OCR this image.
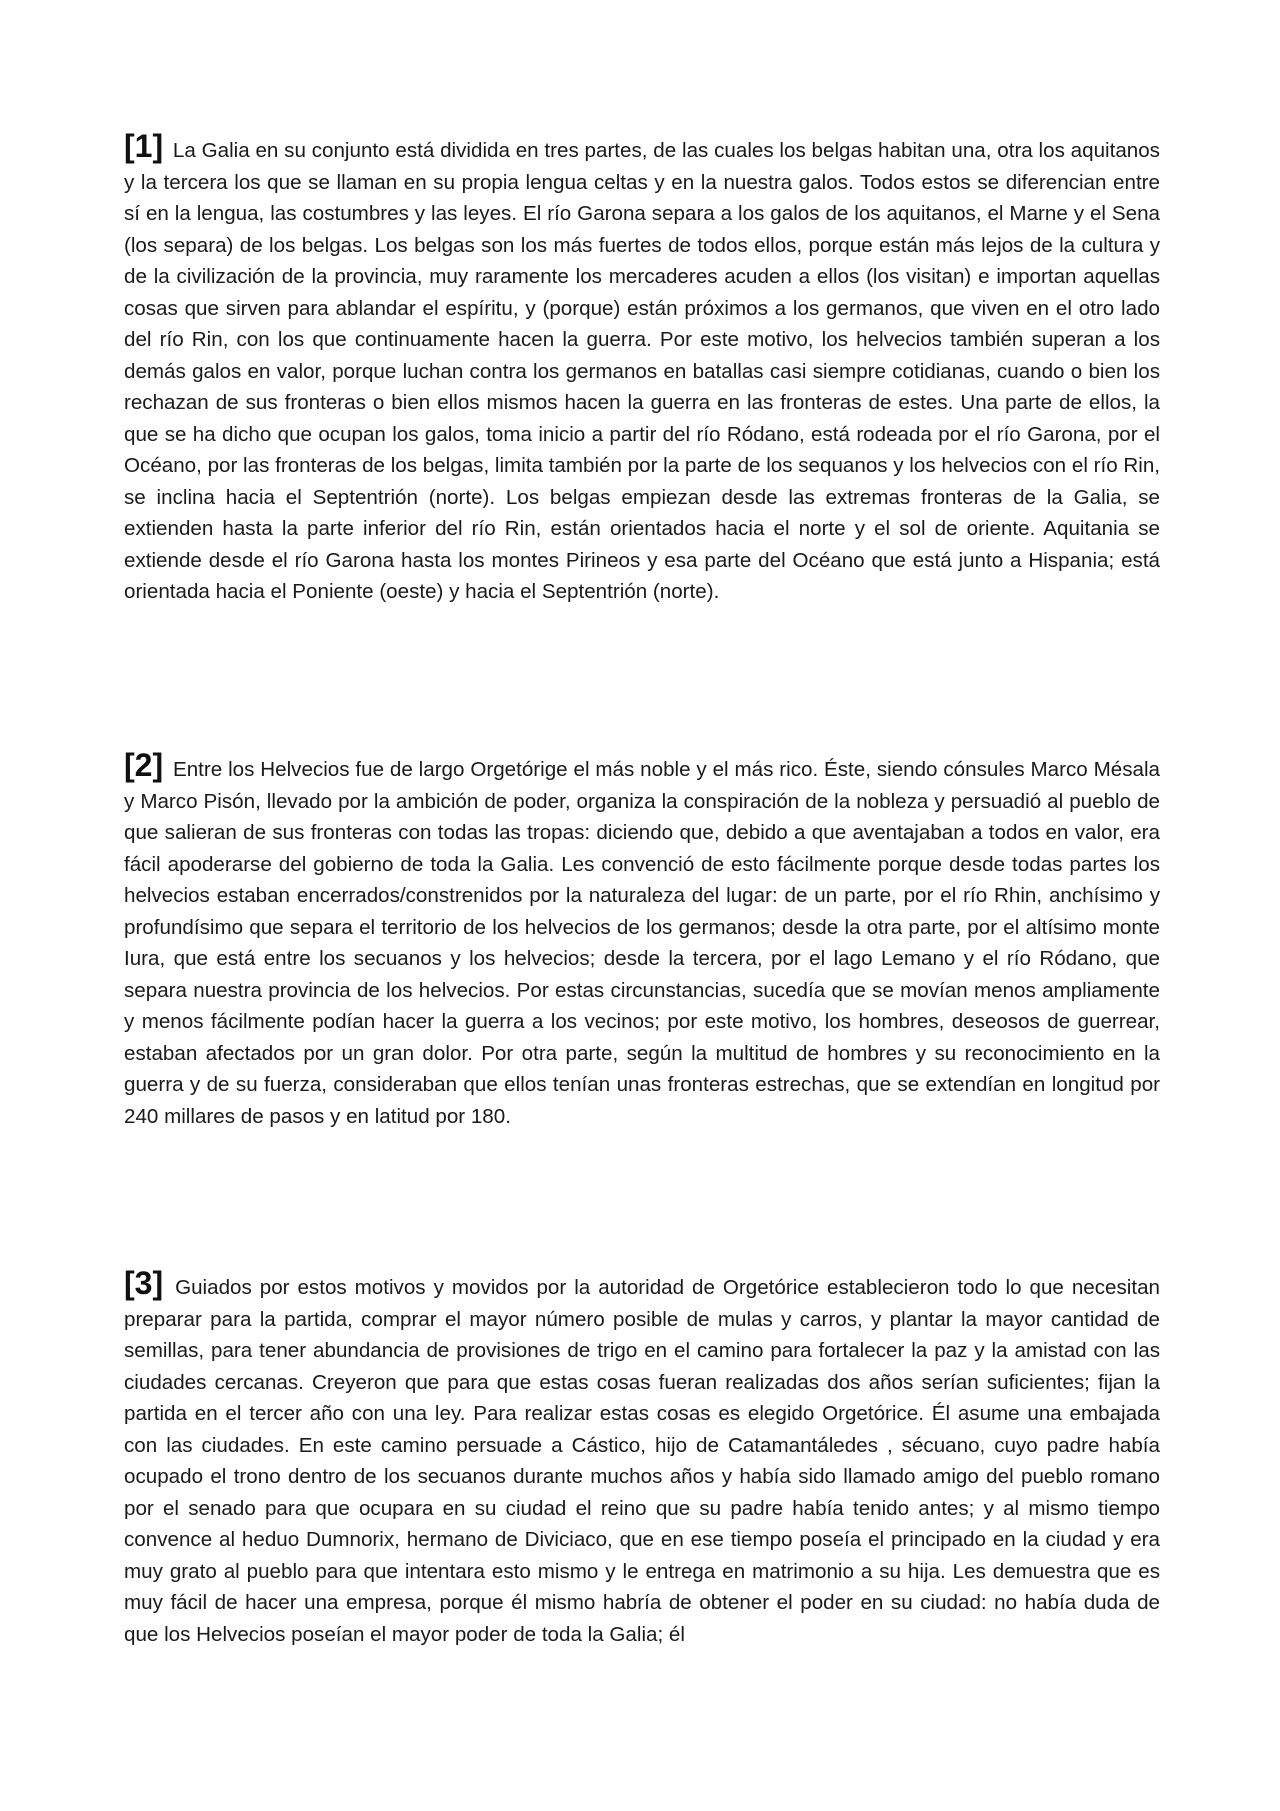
[1] La Galia en su conjunto está dividida en tres partes, de las cuales los belgas habitan una, otra los aquitanos y la tercera los que se llaman en su propia lengua celtas y en la nuestra galos. Todos estos se diferencian entre sí en la lengua, las costumbres y las leyes. El río Garona separa a los galos de los aquitanos, el Marne y el Sena (los separa) de los belgas. Los belgas son los más fuertes de todos ellos, porque están más lejos de la cultura y de la civilización de la provincia, muy raramente los mercaderes acuden a ellos (los visitan) e importan aquellas cosas que sirven para ablandar el espíritu, y (porque) están próximos a los germanos, que viven en el otro lado del río Rin, con los que continuamente hacen la guerra. Por este motivo, los helvecios también superan a los demás galos en valor, porque luchan contra los germanos en batallas casi siempre cotidianas, cuando o bien los rechazan de sus fronteras o bien ellos mismos hacen la guerra en las fronteras de estes. Una parte de ellos, la que se ha dicho que ocupan los galos, toma inicio a partir del río Ródano, está rodeada por el río Garona, por el Océano, por las fronteras de los belgas, limita también por la parte de los sequanos y los helvecios con el río Rin, se inclina hacia el Septentrión (norte). Los belgas empiezan desde las extremas fronteras de la Galia, se extienden hasta la parte inferior del río Rin, están orientados hacia el norte y el sol de oriente. Aquitania se extiende desde el río Garona hasta los montes Pirineos y esa parte del Océano que está junto a Hispania; está orientada hacia el Poniente (oeste) y hacia el Septentrión (norte).

[2] Entre los Helvecios fue de largo Orgetórige el más noble y el más rico. Éste, siendo cónsules Marco Mésala y Marco Pisón, llevado por la ambición de poder, organiza la conspiración de la nobleza y persuadió al pueblo de que salieran de sus fronteras con todas las tropas: diciendo que, debido a que aventajaban a todos en valor, era fácil apoderarse del gobierno de toda la Galia. Les convenció de esto fácilmente porque desde todas partes los helvecios estaban encerrados/constrenidos por la naturaleza del lugar: de un parte, por el río Rhin, anchísimo y profundísimo que separa el territorio de los helvecios de los germanos; desde la otra parte, por el altísimo monte Iura, que está entre los secuanos y los helvecios; desde la tercera, por el lago Lemano y el río Ródano, que separa nuestra provincia de los helvecios. Por estas circunstancias, sucedía que se movían menos ampliamente y menos fácilmente podían hacer la guerra a los vecinos; por este motivo, los hombres, deseosos de guerrear, estaban afectados por un gran dolor. Por otra parte, según la multitud de hombres y su reconocimiento en la guerra y de su fuerza, consideraban que ellos tenían unas fronteras estrechas, que se extendían en longitud por 240 millares de pasos y en latitud por 180.

[3] Guiados por estos motivos y movidos por la autoridad de Orgetórice establecieron todo lo que necesitan preparar para la partida, comprar el mayor número posible de mulas y carros, y plantar la mayor cantidad de semillas, para tener abundancia de provisiones de trigo en el camino para fortalecer la paz y la amistad con las ciudades cercanas. Creyeron que para que estas cosas fueran realizadas dos años serían suficientes; fijan la partida en el tercer año con una ley. Para realizar estas cosas es elegido Orgetórice. Él asume una embajada con las ciudades. En este camino persuade a Cástico, hijo de Catamantáledes , sécuano, cuyo padre había ocupado el trono dentro de los secuanos durante muchos años y había sido llamado amigo del pueblo romano por el senado para que ocupara en su ciudad el reino que su padre había tenido antes; y al mismo tiempo convence al heduo Dumnorix, hermano de Diviciaco, que en ese tiempo poseía el principado en la ciudad y era muy grato al pueblo para que intentara esto mismo y le entrega en matrimonio a su hija. Les demuestra que es muy fácil de hacer una empresa, porque él mismo habría de obtener el poder en su ciudad: no había duda de que los Helvecios poseían el mayor poder de toda la Galia; él
